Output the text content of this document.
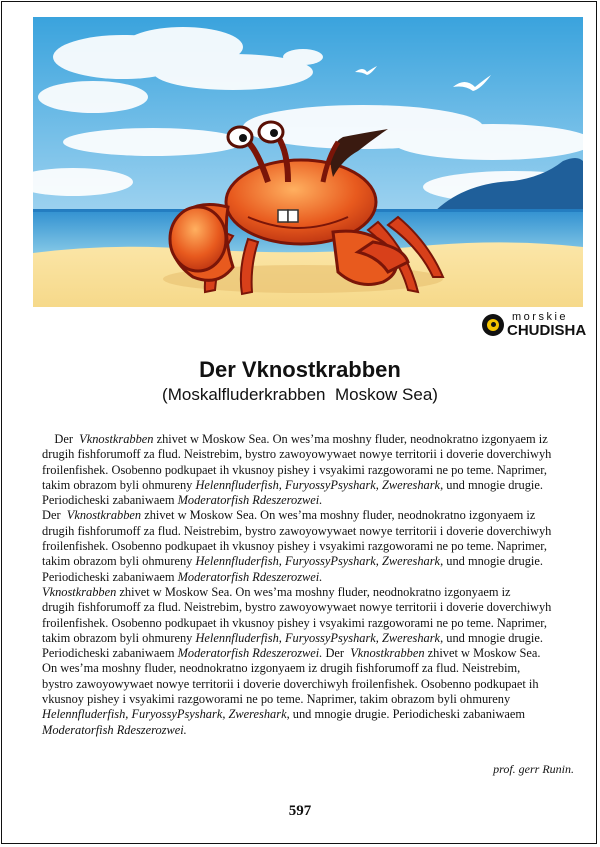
morskie
CHUDISHA
Der Vknostkrabben
(Moskalfluderkrabben  Moskow Sea)
Der  Vknostkrabben zhivet w Moskow Sea. On wes’ma moshny fluder, neodnokratno izgonyaem iz
drugih fishforumoff za flud. Neistrebim, bystro zawoyowywaet nowye territorii i doverie doverchiwyh
froilenfishek. Osobenno podkupaet ih vkusnoy pishey i vsyakimi razgoworami ne po teme. Naprimer,
takim obrazom byli ohmureny Helennfluderfish, FuryossyPsyshark, Zwereshark, und mnogie drugie.
Periodicheski zabaniwaem Moderatorfish Rdeszerozwei.
Der  Vknostkrabben zhivet w Moskow Sea. On wes’ma moshny fluder, neodnokratno izgonyaem iz
drugih fishforumoff za flud. Neistrebim, bystro zawoyowywaet nowye territorii i doverie doverchiwyh
froilenfishek. Osobenno podkupaet ih vkusnoy pishey i vsyakimi razgoworami ne po teme. Naprimer,
takim obrazom byli ohmureny Helennfluderfish, FuryossyPsyshark, Zwereshark, und mnogie drugie.
Periodicheski zabaniwaem Moderatorfish Rdeszerozwei.
Vknostkrabben zhivet w Moskow Sea. On wes’ma moshny fluder, neodnokratno izgonyaem iz
drugih fishforumoff za flud. Neistrebim, bystro zawoyowywaet nowye territorii i doverie doverchiwyh
froilenfishek. Osobenno podkupaet ih vkusnoy pishey i vsyakimi razgoworami ne po teme. Naprimer,
takim obrazom byli ohmureny Helennfluderfish, FuryossyPsyshark, Zwereshark, und mnogie drugie.
Periodicheski zabaniwaem Moderatorfish Rdeszerozwei. Der  Vknostkrabben zhivet w Moskow Sea.
On wes’ma moshny fluder, neodnokratno izgonyaem iz drugih fishforumoff za flud. Neistrebim,
bystro zawoyowywaet nowye territorii i doverie doverchiwyh froilenfishek. Osobenno podkupaet ih
vkusnoy pishey i vsyakimi razgoworami ne po teme. Naprimer, takim obrazom byli ohmureny
Helennfluderfish, FuryossyPsyshark, Zwereshark, und mnogie drugie. Periodicheski zabaniwaem
Moderatorfish Rdeszerozwei.
prof. gerr Runin.
597
